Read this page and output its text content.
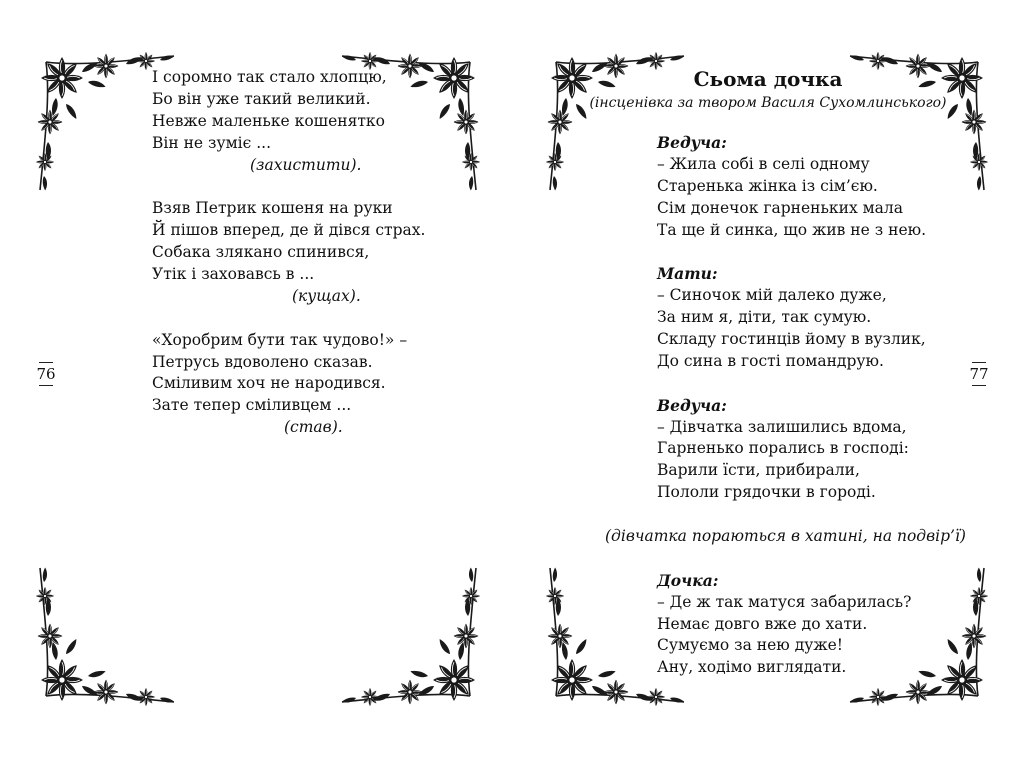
76
І соромно так стало хлопцю,
Бо він уже такий великий.
Невже маленьке кошенятко
Він не зуміє ...
(захистити).
Взяв Петрик кошеня на руки
Й пішов вперед, де й дівся страх.
Собака злякано спинився,
Утік і заховавсь в ...
(кущах).
«Хоробрим бути так чудово!» –
Петрусь вдоволено сказав.
Сміливим хоч не народився.
Зате тепер сміливцем ...
(став).
77
Сьома дочка
(інсценівка за твором Василя Сухомлинського)
Ведуча:
– Жила собі в селі одному
Старенька жінка із сім’єю.
Сім донечок гарненьких мала
Та ще й синка, що жив не з нею.
Мати:
– Синочок мій далеко дуже,
За ним я, діти, так сумую.
Складу гостинців йому в вузлик,
До сина в гості помандрую.
Ведуча:
– Дівчатка залишились вдома,
Гарненько порались в господі:
Варили їсти, прибирали,
Пололи грядочки в городі.
(дівчатка пораються в хатині, на подвір’ї)
Дочка:
– Де ж так матуся забарилась?
Немає довго вже до хати.
Сумуємо за нею дуже!
Ану, ходімо виглядати.
